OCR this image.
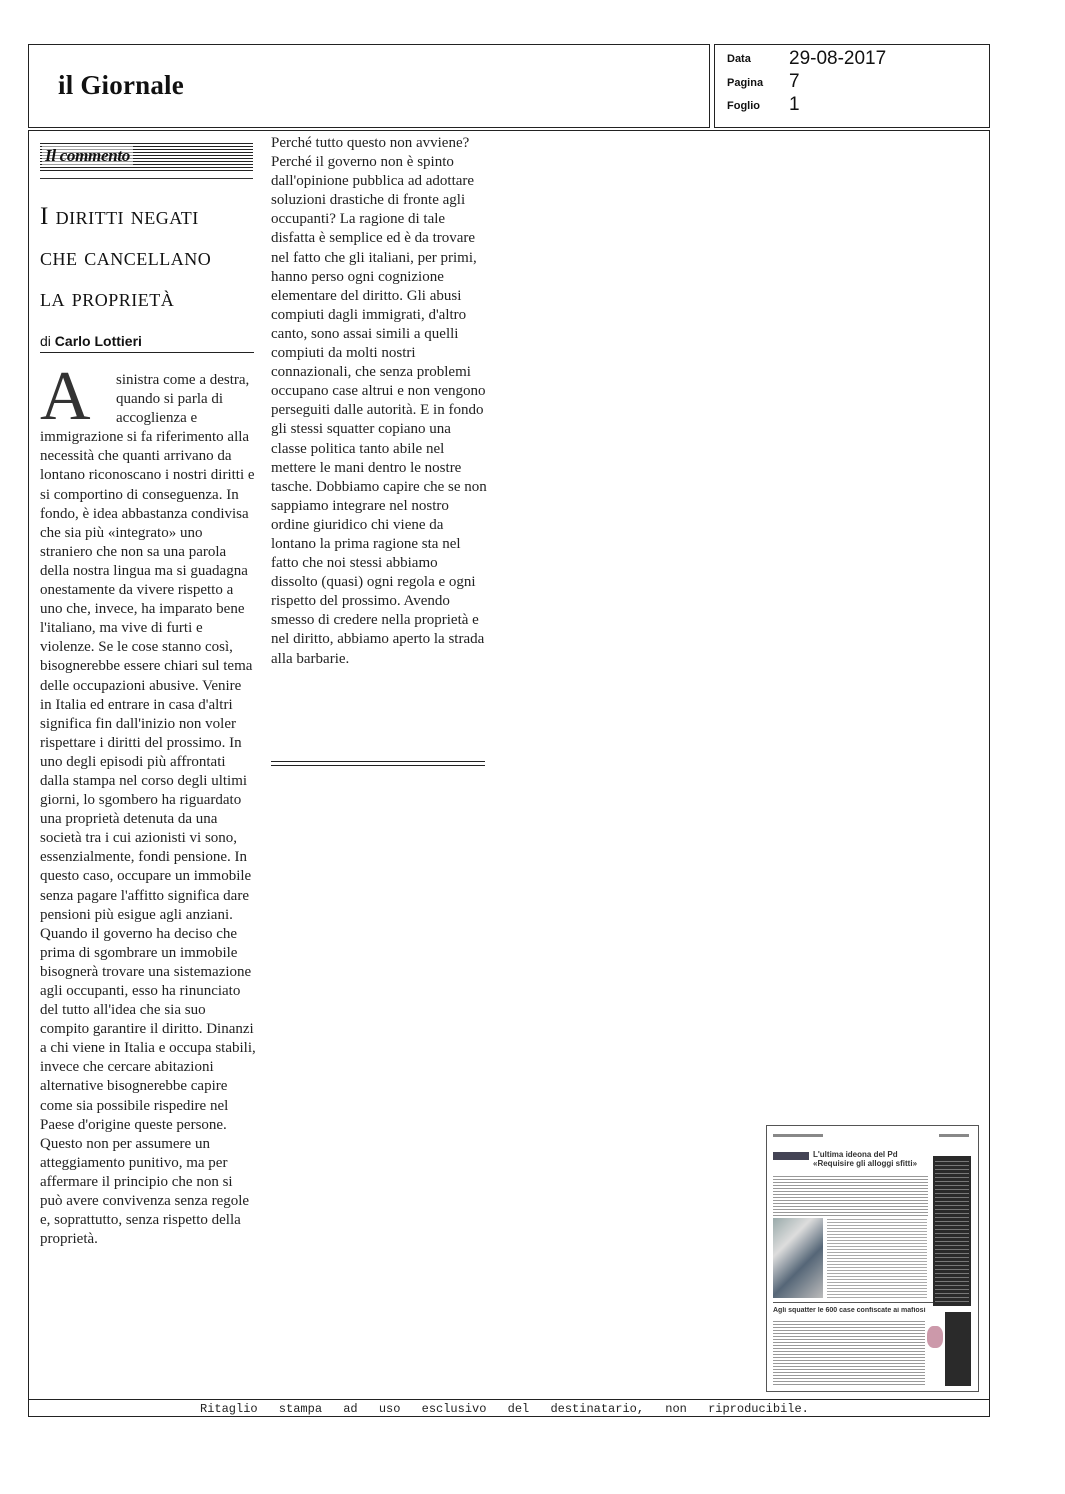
il Giornale
Data 29-08-2017
Pagina 7
Foglio 1
Il commento
I diritti negati
che cancellano
la proprietà
di Carlo Lottieri
A	sinistra come a destra,
quando si parla di
accoglienza e

immigrazione si fa riferimento alla necessità che quanti arrivano da lontano riconoscano i nostri diritti e si comportino di conseguenza. In fondo, è idea abbastanza condivisa che sia più «integrato» uno straniero che non sa una parola della nostra lingua ma si guadagna onestamente da vivere rispetto a uno che, invece, ha imparato bene l'italiano, ma vive di furti e violenze. Se le cose stanno così, bisognerebbe essere chiari sul tema delle occupazioni abusive. Venire in Italia ed entrare in casa d'altri significa fin dall'inizio non voler rispettare i diritti del prossimo. In uno degli episodi più affrontati dalla stampa nel corso degli ultimi giorni, lo sgombero ha riguardato una proprietà detenuta da una società tra i cui azionisti vi sono, essenzialmente, fondi pensione. In questo caso, occupare un immobile senza pagare l'affitto significa dare pensioni più esigue agli anziani. Quando il governo ha deciso che prima di sgombrare un immobile bisognerà trovare una sistemazione agli occupanti, esso ha rinunciato del tutto all'idea che sia suo compito garantire il diritto. Dinanzi a chi viene in Italia e occupa stabili, invece che cercare abitazioni alternative bisognerebbe capire come sia possibile rispedire nel Paese d'origine queste persone. Questo non per assumere un atteggiamento punitivo, ma per affermare il principio che non si può avere convivenza senza regole e, soprattutto, senza rispetto della proprietà.

Perché tutto questo non avviene? Perché il governo non è spinto dall'opinione pubblica ad adottare soluzioni drastiche di fronte agli occupanti? La ragione di tale disfatta è semplice ed è da trovare nel fatto che gli italiani, per primi, hanno perso ogni cognizione elementare del diritto. Gli abusi compiuti dagli immigrati, d'altro canto, sono assai simili a quelli compiuti da molti nostri connazionali, che senza problemi occupano case altrui e non vengono perseguiti dalle autorità. E in fondo gli stessi squatter copiano una classe politica tanto abile nel mettere le mani dentro le nostre tasche. Dobbiamo capire che se non sappiamo integrare nel nostro ordine giuridico chi viene da lontano la prima ragione sta nel fatto che noi stessi abbiamo dissolto (quasi) ogni regola e ogni rispetto del prossimo. Avendo smesso di credere nella proprietà e nel diritto, abbiamo aperto la strada alla barbarie.

L'ultima ideona del Pd
«Requisire gli alloggi sfitti»
Agli squatter le 600 case confiscate ai mafiosi
Ritaglio stampa ad uso esclusivo del destinatario, non riproducibile.
